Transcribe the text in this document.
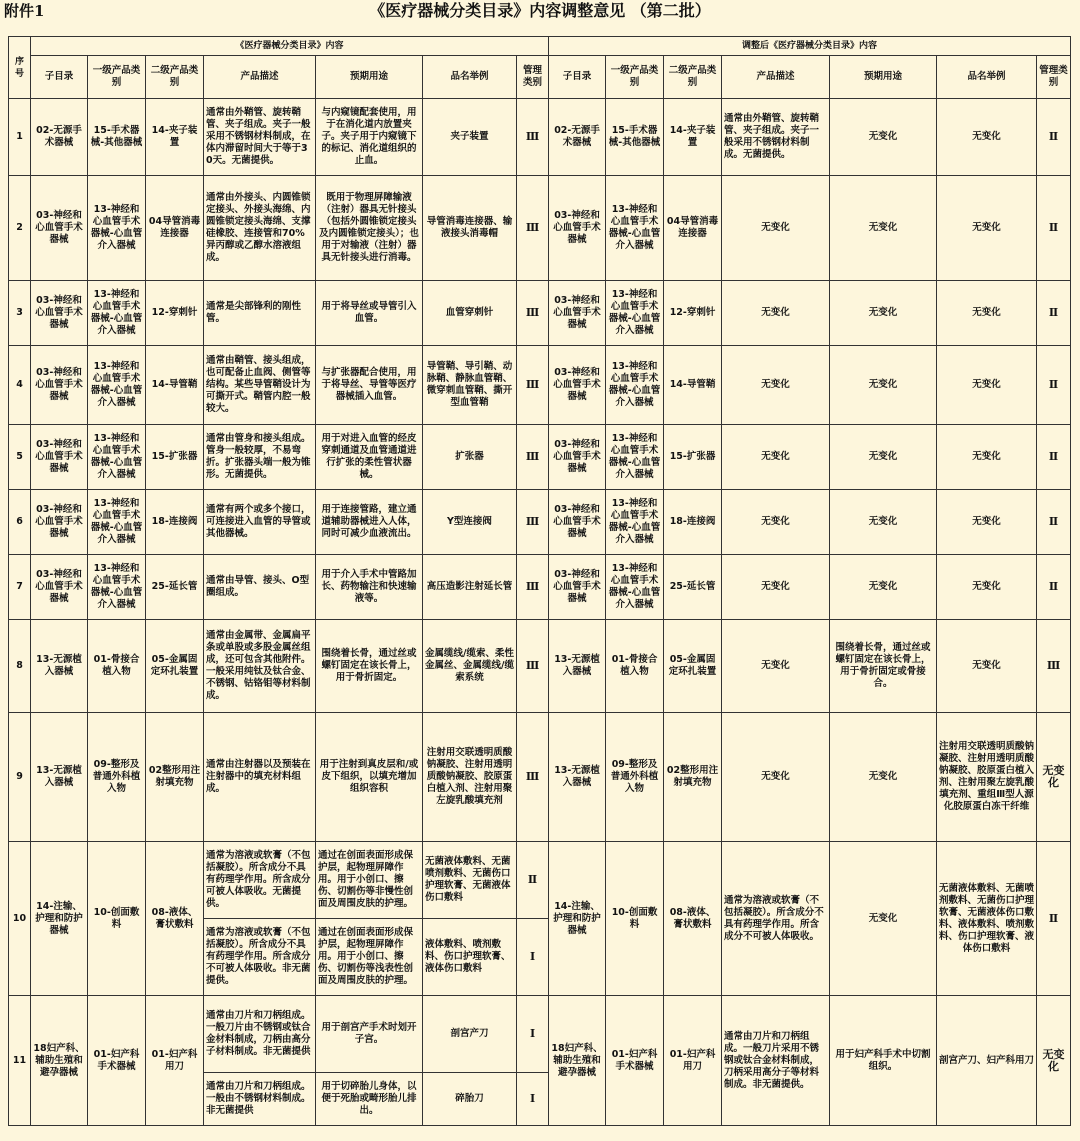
附件1	《医疗器械分类目录》内容调整意见 （第二批）
序号	《医疗器械分类目录》内容							调整后《医疗器械分类目录》内容						
	子目录	一级产品类别	二级产品类别	产品描述	预期用途	品名举例	管理类别	子目录	一级产品类别	二级产品类别	产品描述	预期用途	品名举例	管理类别
1	02-无源手术器械	15-手术器械-其他器械	14-夹子装置	通常由外鞘管、旋转鞘管、夹子组成。夹子一般采用不锈钢材料制成，在体内滞留时间大于等于30天。无菌提供。	与内窥镜配套使用，用于在消化道内放置夹子。夹子用于内窥镜下的标记、消化道组织的止血。	夹子装置	Ⅲ	02-无源手术器械	15-手术器械-其他器械	14-夹子装置	通常由外鞘管、旋转鞘管、夹子组成。夹子一般采用不锈钢材料制成。无菌提供。	无变化	无变化	Ⅱ
2	03-神经和心血管手术器械	13-神经和心血管手术器械-心血管介入器械	04导管消毒连接器	通常由外接头、内圆锥锁定接头、外接头海绵、内圆锥锁定接头海绵、支撑硅橡胶、连接管和70%异丙醇或乙醇水溶液组成。	既用于物理屏障输液（注射）器具无针接头（包括外圆锥锁定接头及内圆锥锁定接头）；也用于对输液（注射）器具无针接头进行消毒。	导管消毒连接器、输液接头消毒帽	Ⅲ	03-神经和心血管手术器械	13-神经和心血管手术器械-心血管介入器械	04导管消毒连接器	无变化	无变化	无变化	Ⅱ
3	03-神经和心血管手术器械	13-神经和心血管手术器械-心血管介入器械	12-穿刺针	通常是尖部锋利的刚性管。	用于将导丝或导管引入血管。	血管穿刺针	Ⅲ	03-神经和心血管手术器械	13-神经和心血管手术器械-心血管介入器械	12-穿刺针	无变化	无变化	无变化	Ⅱ
4	03-神经和心血管手术器械	13-神经和心血管手术器械-心血管介入器械	14-导管鞘	通常由鞘管、接头组成，也可配备止血阀、侧管等结构。某些导管鞘设计为可撕开式。鞘管内腔一般较大。	与扩张器配合使用，用于将导丝、导管等医疗器械插入血管。	导管鞘、导引鞘、动脉鞘、静脉血管鞘、微穿刺血管鞘、撕开型血管鞘	Ⅲ	03-神经和心血管手术器械	13-神经和心血管手术器械-心血管介入器械	14-导管鞘	无变化	无变化	无变化	Ⅱ
5	03-神经和心血管手术器械	13-神经和心血管手术器械-心血管介入器械	15-扩张器	通常由管身和接头组成。管身一般较厚，不易弯折。扩张器头端一般为锥形。无菌提供。	用于对进入血管的经皮穿刺通道及血管通道进行扩张的柔性管状器械。	扩张器	Ⅲ	03-神经和心血管手术器械	13-神经和心血管手术器械-心血管介入器械	15-扩张器	无变化	无变化	无变化	Ⅱ
6	03-神经和心血管手术器械	13-神经和心血管手术器械-心血管介入器械	18-连接阀	通常有两个或多个接口，可连接进入血管的导管或其他器械。	用于连接管路，建立通道辅助器械进入人体，同时可减少血液流出。	Y型连接阀	Ⅲ	03-神经和心血管手术器械	13-神经和心血管手术器械-心血管介入器械	18-连接阀	无变化	无变化	无变化	Ⅱ
7	03-神经和心血管手术器械	13-神经和心血管手术器械-心血管介入器械	25-延长管	通常由导管、接头、O型圈组成。	用于介入手术中管路加长、药物输注和快速输液等。	高压造影注射延长管	Ⅲ	03-神经和心血管手术器械	13-神经和心血管手术器械-心血管介入器械	25-延长管	无变化	无变化	无变化	Ⅱ
8	13-无源植入器械	01-骨接合植入物	05-金属固定环扎装置	通常由金属带、金属扁平条或单股或多股金属丝组成，还可包含其他附件。一般采用纯钛及钛合金、不锈钢、钴铬钼等材料制成。	围绕着长骨，通过丝或螺钉固定在该长骨上，用于骨折固定。	金属缆线/缆索、柔性金属丝、金属缆线/缆索系统	Ⅲ	13-无源植入器械	01-骨接合植入物	05-金属固定环扎装置	无变化	围绕着长骨，通过丝或螺钉固定在该长骨上，用于骨折固定或骨接合。	无变化	Ⅲ
9	13-无源植入器械	09-整形及普通外科植入物	02整形用注射填充物	通常由注射器以及预装在注射器中的填充材料组成。	用于注射到真皮层和/或皮下组织，以填充增加组织容积	注射用交联透明质酸钠凝胶、注射用透明质酸钠凝胶、胶原蛋白植入剂、注射用聚左旋乳酸填充剂	Ⅲ	13-无源植入器械	09-整形及普通外科植入物	02整形用注射填充物	无变化	无变化	注射用交联透明质酸钠凝胶、注射用透明质酸钠凝胶、胶原蛋白植入剂、注射用聚左旋乳酸填充剂、重组Ⅲ型人源化胶原蛋白冻干纤维	无变化
10	14-注输、护理和防护器械	10-创面敷料	08-液体、膏状敷料	通常为溶液或软膏（不包括凝胶）。所含成分不具有药理学作用。所含成分可被人体吸收。无菌提供。	通过在创面表面形成保护层，起物理屏障作用。用于小创口、擦伤、切割伤等非慢性创面及周围皮肤的护理。	无菌液体敷料、无菌喷剂敷料、无菌伤口护理软膏、无菌液体伤口敷料	Ⅱ	14-注输、护理和防护器械	10-创面敷料	08-液体、膏状敷料	通常为溶液或软膏（不包括凝胶）。所含成分不具有药理学作用。所含成分不可被人体吸收。	无变化	无菌液体敷料、无菌喷剂敷料、无菌伤口护理软膏、无菌液体伤口敷料、液体敷料、喷剂敷料、伤口护理软膏、液体伤口敷料	Ⅱ
				通常为溶液或软膏（不包括凝胶）。所含成分不具有药理学作用。所含成分不可被人体吸收。非无菌提供。	通过在创面表面形成保护层，起物理屏障作用。用于小创口、擦伤、切割伤等浅表性创面及周围皮肤的护理。	液体敷料、喷剂敷料、伤口护理软膏、液体伤口敷料	Ⅰ							
11	18妇产科、辅助生殖和避孕器械	01-妇产科手术器械	01-妇产科用刀	通常由刀片和刀柄组成。一般刀片由不锈钢或钛合金材料制成，刀柄由高分子材料制成。非无菌提供	用于剖宫产手术时划开子宫。	剖宫产刀	Ⅰ	18妇产科、辅助生殖和避孕器械	01-妇产科手术器械	01-妇产科用刀	通常由刀片和刀柄组成。一般刀片采用不锈钢或钛合金材料制成，刀柄采用高分子等材料制成。非无菌提供。	用于妇产科手术中切割组织。	剖宫产刀、妇产科用刀	无变化
				通常由刀片和刀柄组成。一般由不锈钢材料制成。非无菌提供	用于切碎胎儿身体，以便于死胎或畸形胎儿排出。	碎胎刀	Ⅰ							
